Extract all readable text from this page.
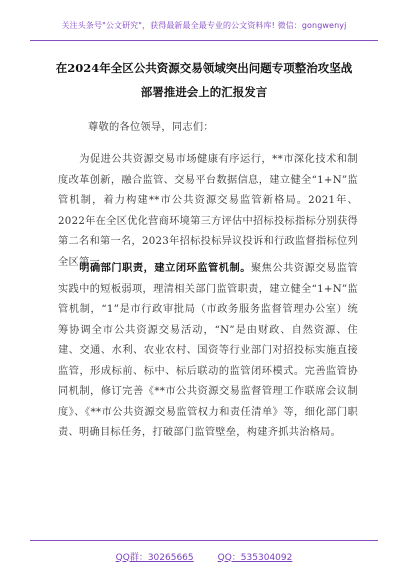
关注头条号"公文研究"，获得最新最全最专业的公文资料库! 微信：gongwenyj
在2024年全区公共资源交易领域突出问题专项整治攻坚战
部署推进会上的汇报发言
尊敬的各位领导，同志们：
为促进公共资源交易市场健康有序运行，**市深化技术和制度改革创新，融合监管、交易平台数据信息，建立健全“1+N”监管机制，着力构建**市公共资源交易监管新格局。2021年、2022年在全区优化营商环境第三方评估中招标投标指标分别获得第二名和第一名，2023年招标投标异议投诉和行政监督指标位列全区第一。
明确部门职责，建立闭环监管机制。聚焦公共资源交易监管实践中的短板弱项，理清相关部门监管职责，建立健全“1+N”监管机制，“1”是市行政审批局（市政务服务监督管理办公室）统筹协调全市公共资源交易活动，“N”是由财政、自然资源、住建、交通、水利、农业农村、国资等行业部门对招投标实施直接监管，形成标前、标中、标后联动的监管闭环模式。完善监管协同机制，修订完善《**市公共资源交易监督管理工作联席会议制度》、《**市公共资源交易监管权力和责任清单》等，细化部门职责、明确目标任务，打破部门监管壁垒，构建齐抓共治格局。
QQ群：30265665	QQ：535304092
